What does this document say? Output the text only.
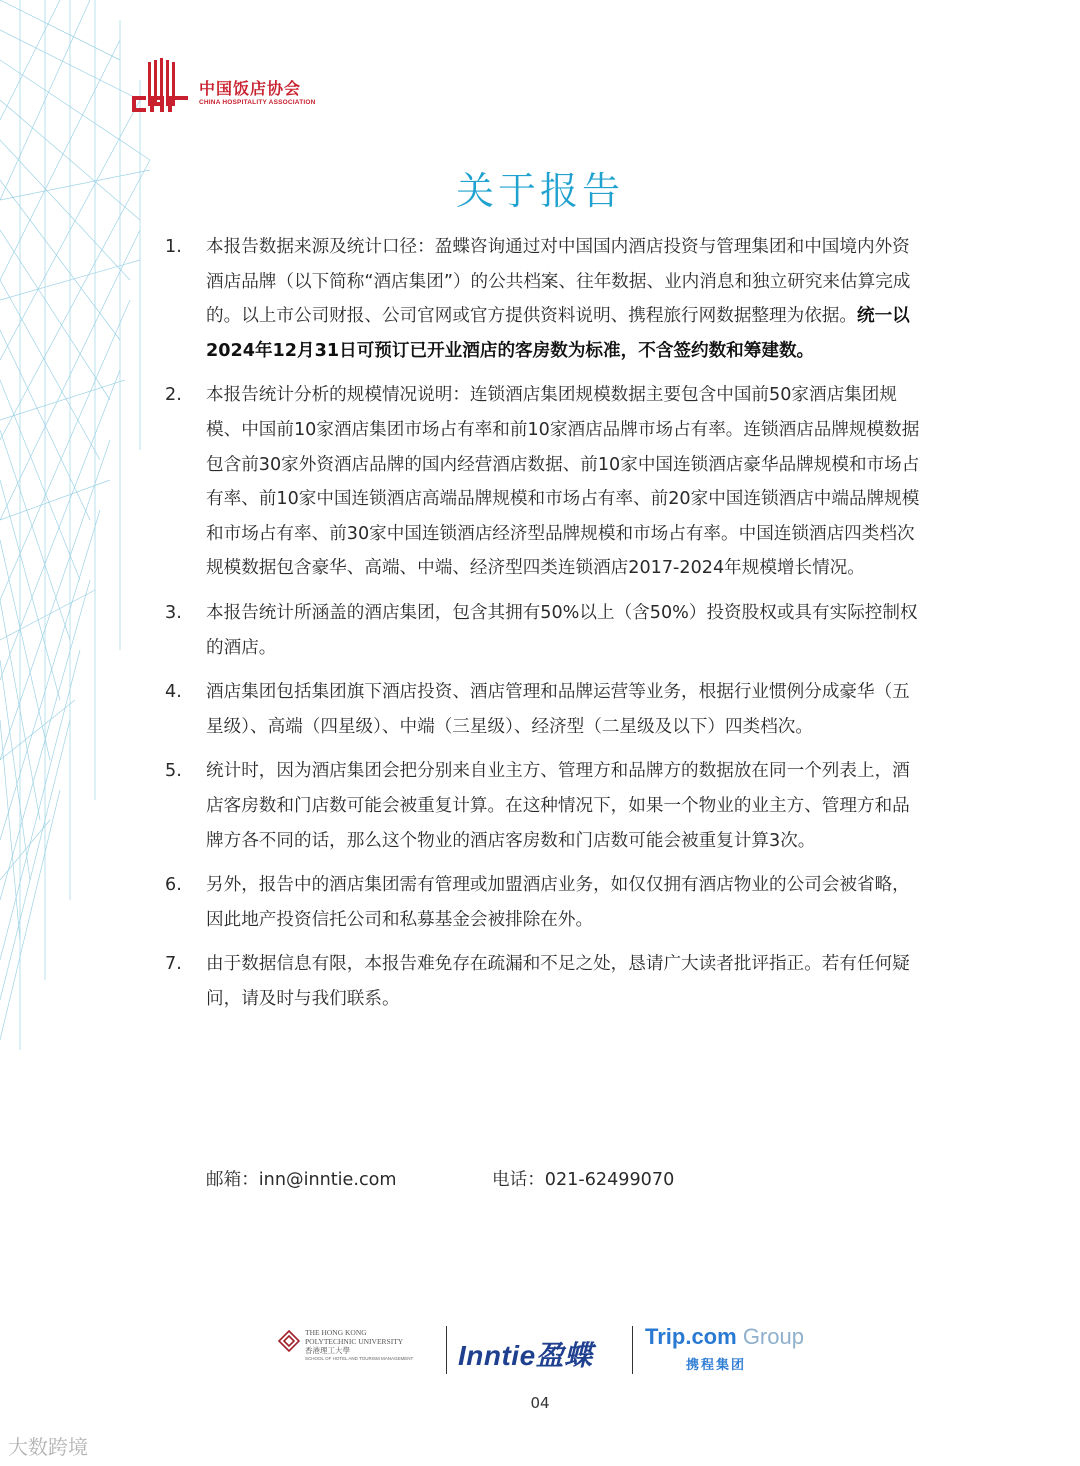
中国饭店协会
CHINA HOSPITALITY ASSOCIATION
关于报告
1.	本报告数据来源及统计口径：盈蝶咨询通过对中国国内酒店投资与管理集团和中国境内外资酒店品牌（以下简称“酒店集团”）的公共档案、往年数据、业内消息和独立研究来估算完成的。以上市公司财报、公司官网或官方提供资料说明、携程旅行网数据整理为依据。统一以2024年12月31日可预订已开业酒店的客房数为标准，不含签约数和筹建数。
2.	本报告统计分析的规模情况说明：连锁酒店集团规模数据主要包含中国前50家酒店集团规模、中国前10家酒店集团市场占有率和前10家酒店品牌市场占有率。连锁酒店品牌规模数据包含前30家外资酒店品牌的国内经营酒店数据、前10家中国连锁酒店豪华品牌规模和市场占有率、前10家中国连锁酒店高端品牌规模和市场占有率、前20家中国连锁酒店中端品牌规模和市场占有率、前30家中国连锁酒店经济型品牌规模和市场占有率。中国连锁酒店四类档次规模数据包含豪华、高端、中端、经济型四类连锁酒店2017-2024年规模增长情况。
3.	本报告统计所涵盖的酒店集团，包含其拥有50%以上（含50%）投资股权或具有实际控制权的酒店。
4.	酒店集团包括集团旗下酒店投资、酒店管理和品牌运营等业务，根据行业惯例分成豪华（五星级）、高端（四星级）、中端（三星级）、经济型（二星级及以下）四类档次。
5.	统计时，因为酒店集团会把分别来自业主方、管理方和品牌方的数据放在同一个列表上，酒店客房数和门店数可能会被重复计算。在这种情况下，如果一个物业的业主方、管理方和品牌方各不同的话，那么这个物业的酒店客房数和门店数可能会被重复计算3次。
6.	另外，报告中的酒店集团需有管理或加盟酒店业务，如仅仅拥有酒店物业的公司会被省略，因此地产投资信托公司和私募基金会被排除在外。
7.	由于数据信息有限，本报告难免存在疏漏和不足之处，恳请广大读者批评指正。若有任何疑问，请及时与我们联系。
邮箱：inn@inntie.com	电话：021-62499070
THE HONG KONG
POLYTECHNIC UNIVERSITY
香港理工大學
SCHOOL OF HOTEL AND TOURISM MANAGEMENT Inntie盈蝶
Trip.com Group
携程集团
04
大数跨境
